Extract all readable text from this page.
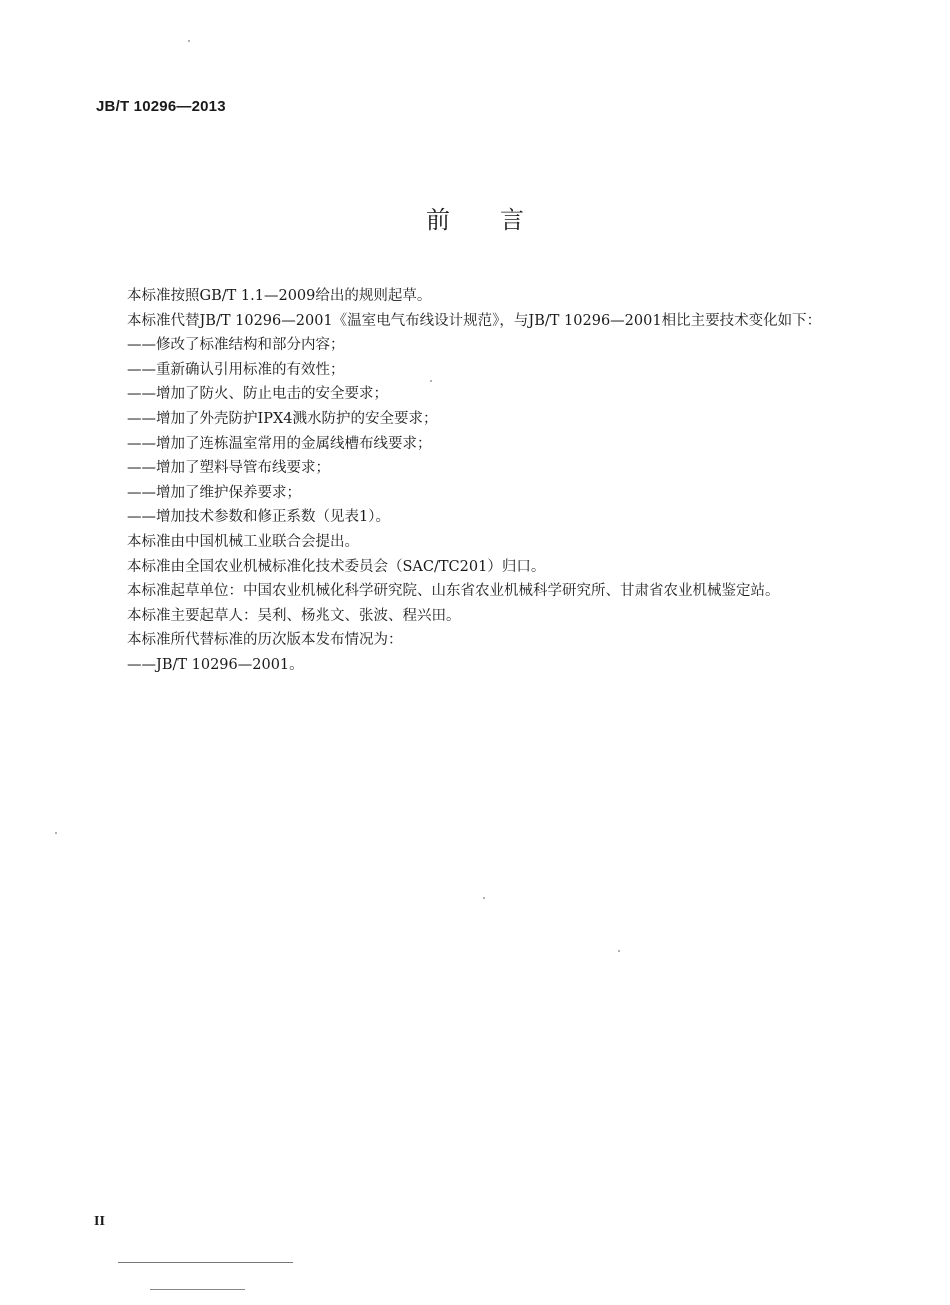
JB/T 10296—2013
前言

本标准按照GB/T 1.1—2009给出的规则起草。

本标准代替JB/T 10296—2001《温室电气布线设计规范》，与JB/T 10296—2001相比主要技术变化如下：

——修改了标准结构和部分内容；

——重新确认引用标准的有效性；

——增加了防火、防止电击的安全要求；

——增加了外壳防护IPX4溅水防护的安全要求；

——增加了连栋温室常用的金属线槽布线要求；

——增加了塑料导管布线要求；

——增加了维护保养要求；

——增加技术参数和修正系数（见表1）。

本标准由中国机械工业联合会提出。

本标准由全国农业机械标准化技术委员会（SAC/TC201）归口。

本标准起草单位：中国农业机械化科学研究院、山东省农业机械科学研究所、甘肃省农业机械鉴定站。

本标准主要起草人：吴利、杨兆文、张波、程兴田。

本标准所代替标准的历次版本发布情况为：

——JB/T 10296—2001。

II
